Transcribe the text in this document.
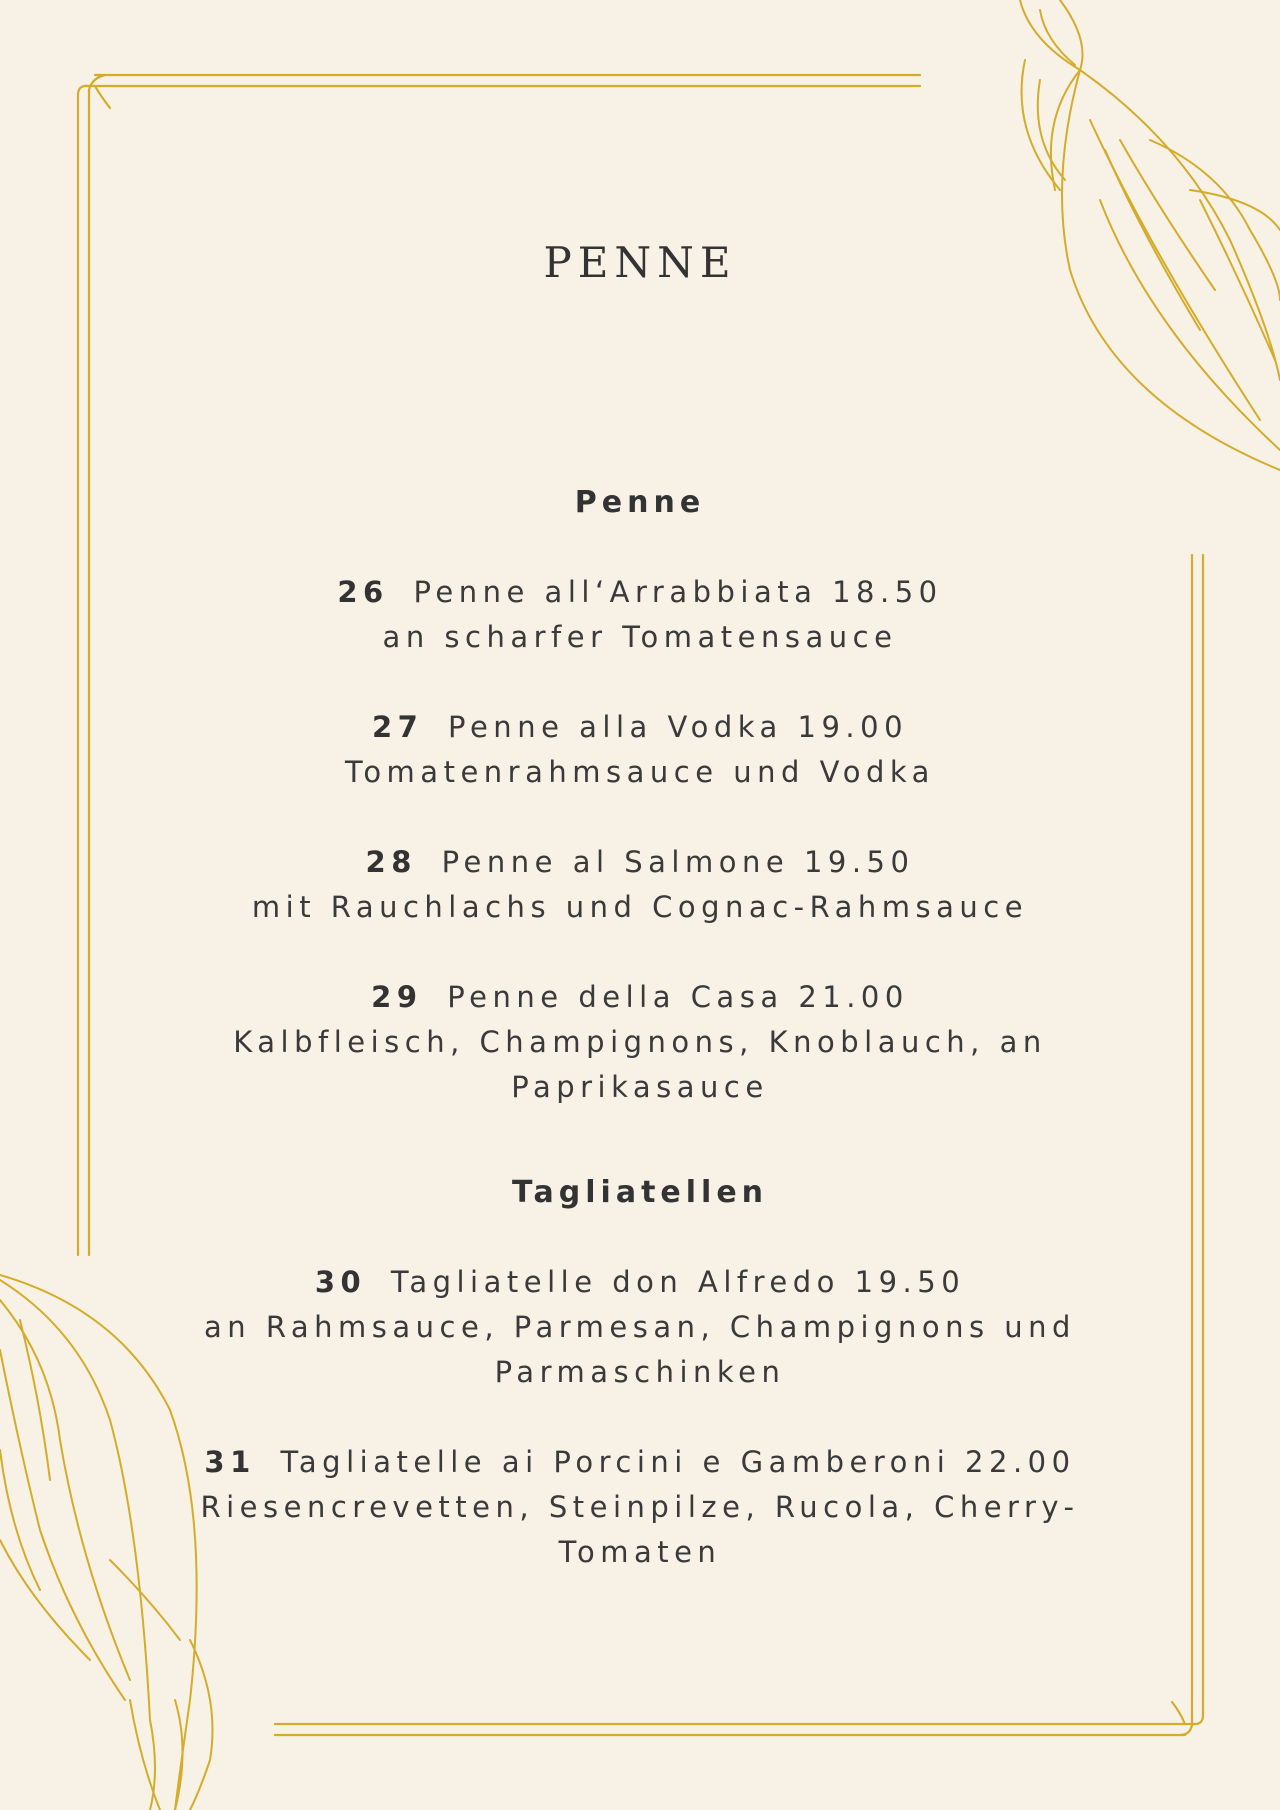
PENNE
Penne
26 Penne all‘Arrabbiata 18.50
an scharfer Tomatensauce
27 Penne alla Vodka 19.00
Tomatenrahmsauce und Vodka
28 Penne al Salmone 19.50
mit Rauchlachs und Cognac-Rahmsauce
29 Penne della Casa 21.00
Kalbfleisch, Champignons, Knoblauch, an Paprikasauce
Tagliatellen
30 Tagliatelle don Alfredo 19.50
an Rahmsauce, Parmesan, Champignons und Parmaschinken
31 Tagliatelle ai Porcini e Gamberoni 22.00
Riesencrevetten, Steinpilze, Rucola, Cherry-Tomaten
